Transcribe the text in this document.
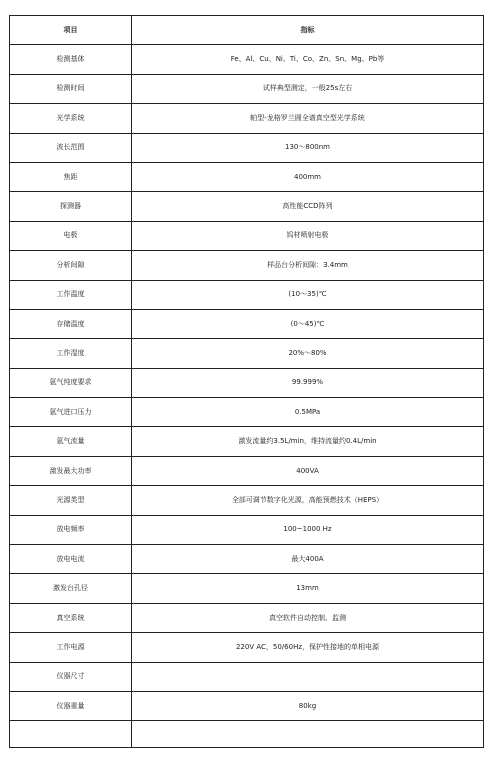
项目	指标
检测基体	Fe、Al、Cu、Ni、Ti、Co、Zn、Sn、Mg、Pb等
检测时间	试样典型测定，一般25s左右
光学系统	帕型-龙格罗兰圆全谱真空型光学系统
波长范围	130～800nm
焦距	400mm
探测器	高性能CCD阵列
电极	钨材喷射电极
分析间隙	样品台分析间隙：3.4mm
工作温度	(10～35)℃
存储温度	(0～45)℃
工作湿度	20%～80%
氩气纯度要求	99.999%
氩气进口压力	0.5MPa
氩气流量	激发流量约3.5L/min，维持流量约0.4L/min
激发最大功率	400VA
光源类型	全部可调节数字化光源，高能预燃技术（HEPS）
放电频率	100~1000 Hz
放电电流	最大400A
激发台孔径	13mm
真空系统	真空软件自动控制、监测
工作电源	220V AC，50/60Hz，保护性接地的单相电源
仪器尺寸	
仪器重量	80kg
